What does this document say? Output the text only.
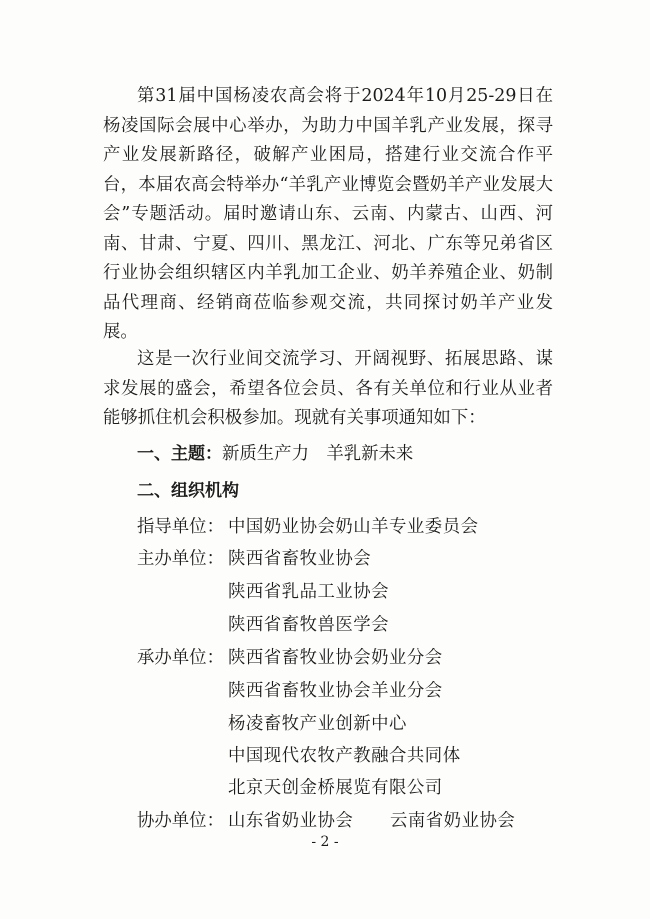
第31届中国杨凌农高会将于2024年10月25-29日在杨凌国际会展中心举办，为助力中国羊乳产业发展，探寻产业发展新路径，破解产业困局，搭建行业交流合作平台，本届农高会特举办“羊乳产业博览会暨奶羊产业发展大会”专题活动。届时邀请山东、云南、内蒙古、山西、河南、甘肃、宁夏、四川、黑龙江、河北、广东等兄弟省区行业协会组织辖区内羊乳加工企业、奶羊养殖企业、奶制品代理商、经销商莅临参观交流，共同探讨奶羊产业发展。

这是一次行业间交流学习、开阔视野、拓展思路、谋求发展的盛会，希望各位会员、各有关单位和行业从业者能够抓住机会积极参加。现就有关事项通知如下：

一、主题：新质生产力　羊乳新未来
二、组织机构
指导单位： 中国奶业协会奶山羊专业委员会
主办单位： 陕西省畜牧业协会
陕西省乳品工业协会
陕西省畜牧兽医学会
承办单位： 陕西省畜牧业协会奶业分会
陕西省畜牧业协会羊业分会
杨凌畜牧产业创新中心
中国现代农牧产教融合共同体
北京天创金桥展览有限公司
协办单位： 山东省奶业协会 云南省奶业协会
- 2 -
